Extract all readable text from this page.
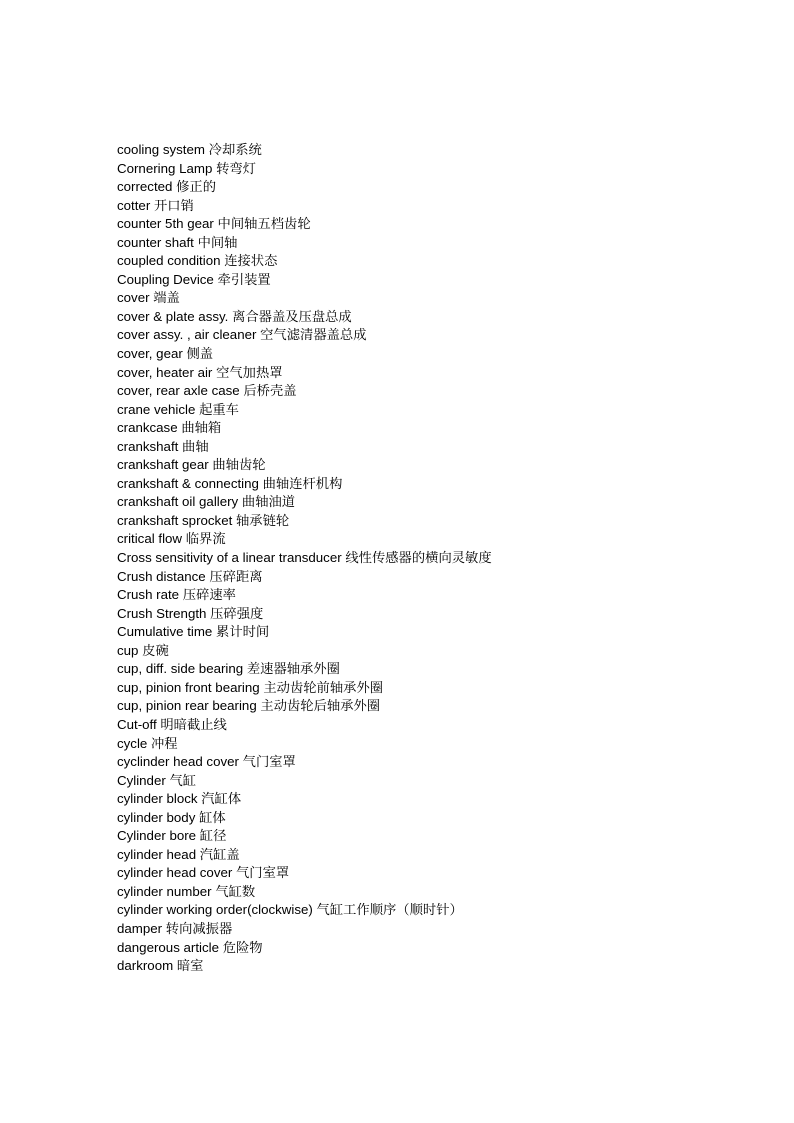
cooling system 冷却系统
Cornering Lamp 转弯灯
corrected 修正的
cotter 开口销
counter 5th gear 中间轴五档齿轮
counter shaft 中间轴
coupled condition 连接状态
Coupling Device 牵引装置
cover 端盖
cover & plate assy. 离合器盖及压盘总成
cover assy. , air cleaner 空气滤清器盖总成
cover, gear 侧盖
cover, heater air 空气加热罩
cover, rear axle case 后桥壳盖
crane vehicle 起重车
crankcase 曲轴箱
crankshaft 曲轴
crankshaft gear 曲轴齿轮
crankshaft & connecting 曲轴连杆机构
crankshaft oil gallery 曲轴油道
crankshaft sprocket 轴承链轮
critical flow 临界流
Cross sensitivity of a linear transducer 线性传感器的横向灵敏度
Crush distance 压碎距离
Crush rate 压碎速率
Crush Strength 压碎强度
Cumulative time 累计时间
cup 皮碗
cup, diff. side bearing 差速器轴承外圈
cup, pinion front bearing 主动齿轮前轴承外圈
cup, pinion rear bearing 主动齿轮后轴承外圈
Cut-off 明暗截止线
cycle 冲程
cyclinder head cover 气门室罩
Cylinder 气缸
cylinder block 汽缸体
cylinder body 缸体
Cylinder bore 缸径
cylinder head 汽缸盖
cylinder head cover 气门室罩
cylinder number 气缸数
cylinder working order(clockwise) 气缸工作顺序（顺时针）
damper 转向减振器
dangerous article 危险物
darkroom 暗室
